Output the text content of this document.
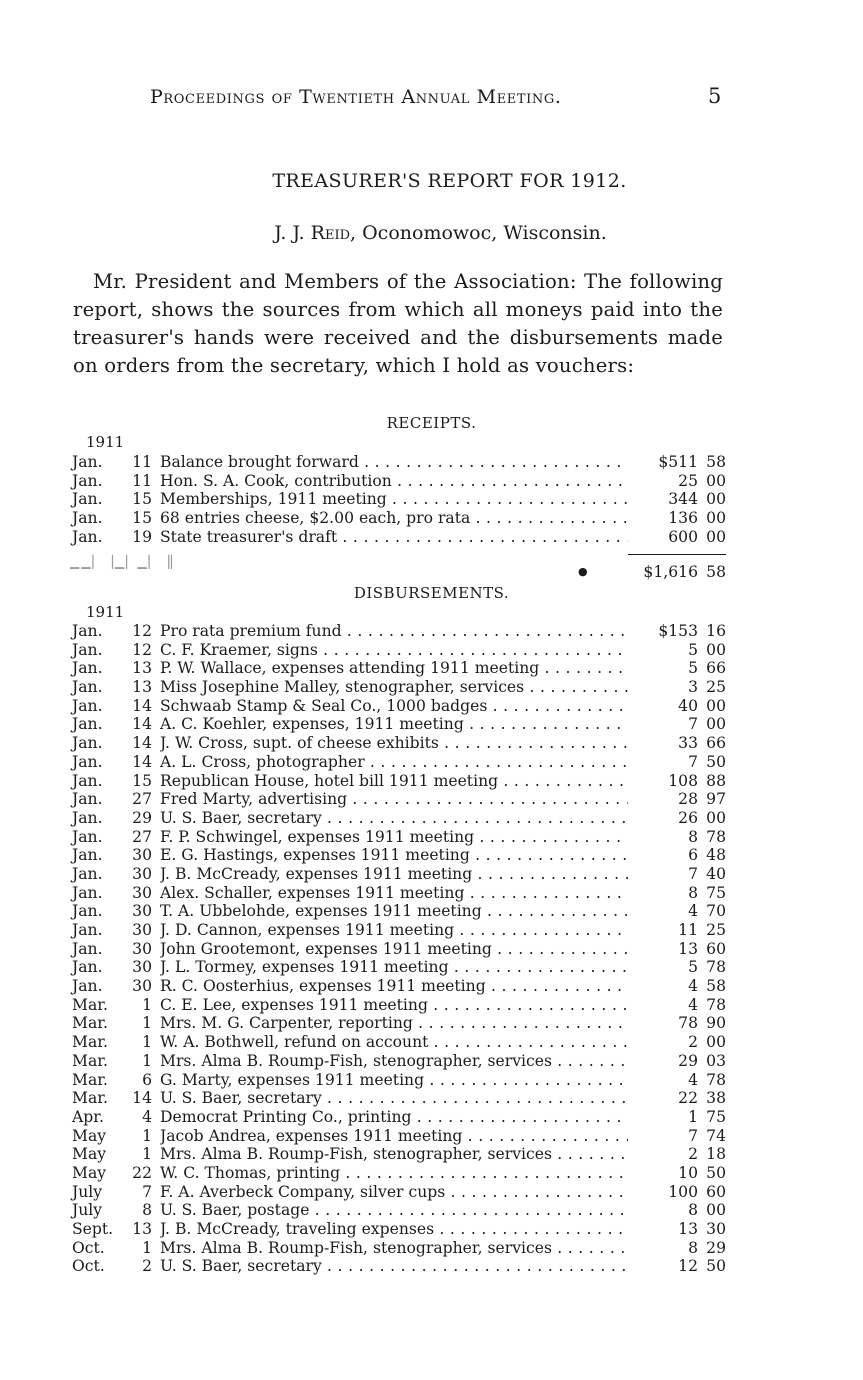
Proceedings of Twentieth Annual Meeting.	5
TREASURER'S REPORT FOR 1912.
J. J. Reid, Oconomowoc, Wisconsin.

Mr. President and Members of the Association: The following report, shows the sources from which all moneys paid into the treasurer's hands were received and the disbursements made on orders from the secretary, which I hold as vouchers:

RECEIPTS.
1911
Jan.	11 Balance brought forward . . .	$511 58
Jan.	11 Hon. S. A. Cook, contribution . . .	25 00
Jan.	15 Memberships, 1911 meeting . . .	344 00
Jan.	15 68 entries cheese, $2.00 each, pro rata . . .	136 00
Jan.	19 State treasurer's draft . . .	600 00
▁▁▏▕▁▏▁▏▕▏
●	$1,616 58
DISBURSEMENTS.
1911
Jan.	12 Pro rata premium fund . . .	$153 16
Jan.	12 C. F. Kraemer, signs . . .	5 00
Jan.	13 P. W. Wallace, expenses attending 1911 meeting . . .	5 66
Jan.	13 Miss Josephine Malley, stenographer, services . . .	3 25
Jan.	14 Schwaab Stamp & Seal Co., 1000 badges . . .	40 00
Jan.	14 A. C. Koehler, expenses, 1911 meeting . . .	7 00
Jan.	14 J. W. Cross, supt. of cheese exhibits . . .	33 66
Jan.	14 A. L. Cross, photographer . . .	7 50
Jan.	15 Republican House, hotel bill 1911 meeting . . .	108 88
Jan.	27 Fred Marty, advertising . . .	28 97
Jan.	29 U. S. Baer, secretary . . .	26 00
Jan.	27 F. P. Schwingel, expenses 1911 meeting . . .	8 78
Jan.	30 E. G. Hastings, expenses 1911 meeting . . .	6 48
Jan.	30 J. B. McCready, expenses 1911 meeting . . .	7 40
Jan.	30 Alex. Schaller, expenses 1911 meeting . . .	8 75
Jan.	30 T. A. Ubbelohde, expenses 1911 meeting . . .	4 70
Jan.	30 J. D. Cannon, expenses 1911 meeting . . .	11 25
Jan.	30 John Grootemont, expenses 1911 meeting . . .	13 60
Jan.	30 J. L. Tormey, expenses 1911 meeting . . .	5 78
Jan.	30 R. C. Oosterhius, expenses 1911 meeting . . .	4 58
Mar.	1 C. E. Lee, expenses 1911 meeting . . .	4 78
Mar.	1 Mrs. M. G. Carpenter, reporting . . .	78 90
Mar.	1 W. A. Bothwell, refund on account . . .	2 00
Mar.	1 Mrs. Alma B. Roump-Fish, stenographer, services . . .	29 03
Mar.	6 G. Marty, expenses 1911 meeting . . .	4 78
Mar.	14 U. S. Baer, secretary . . .	22 38
Apr.	4 Democrat Printing Co., printing . . .	1 75
May	1 Jacob Andrea, expenses 1911 meeting . . .	7 74
May	1 Mrs. Alma B. Roump-Fish, stenographer, services . . .	2 18
May	22 W. C. Thomas, printing . . .	10 50
July	7 F. A. Averbeck Company, silver cups . . .	100 60
July	8 U. S. Baer, postage . . .	8 00
Sept.	13 J. B. McCready, traveling expenses . . .	13 30
Oct.	1 Mrs. Alma B. Roump-Fish, stenographer, services . . .	8 29
Oct.	2 U. S. Baer, secretary . . .	12 50
